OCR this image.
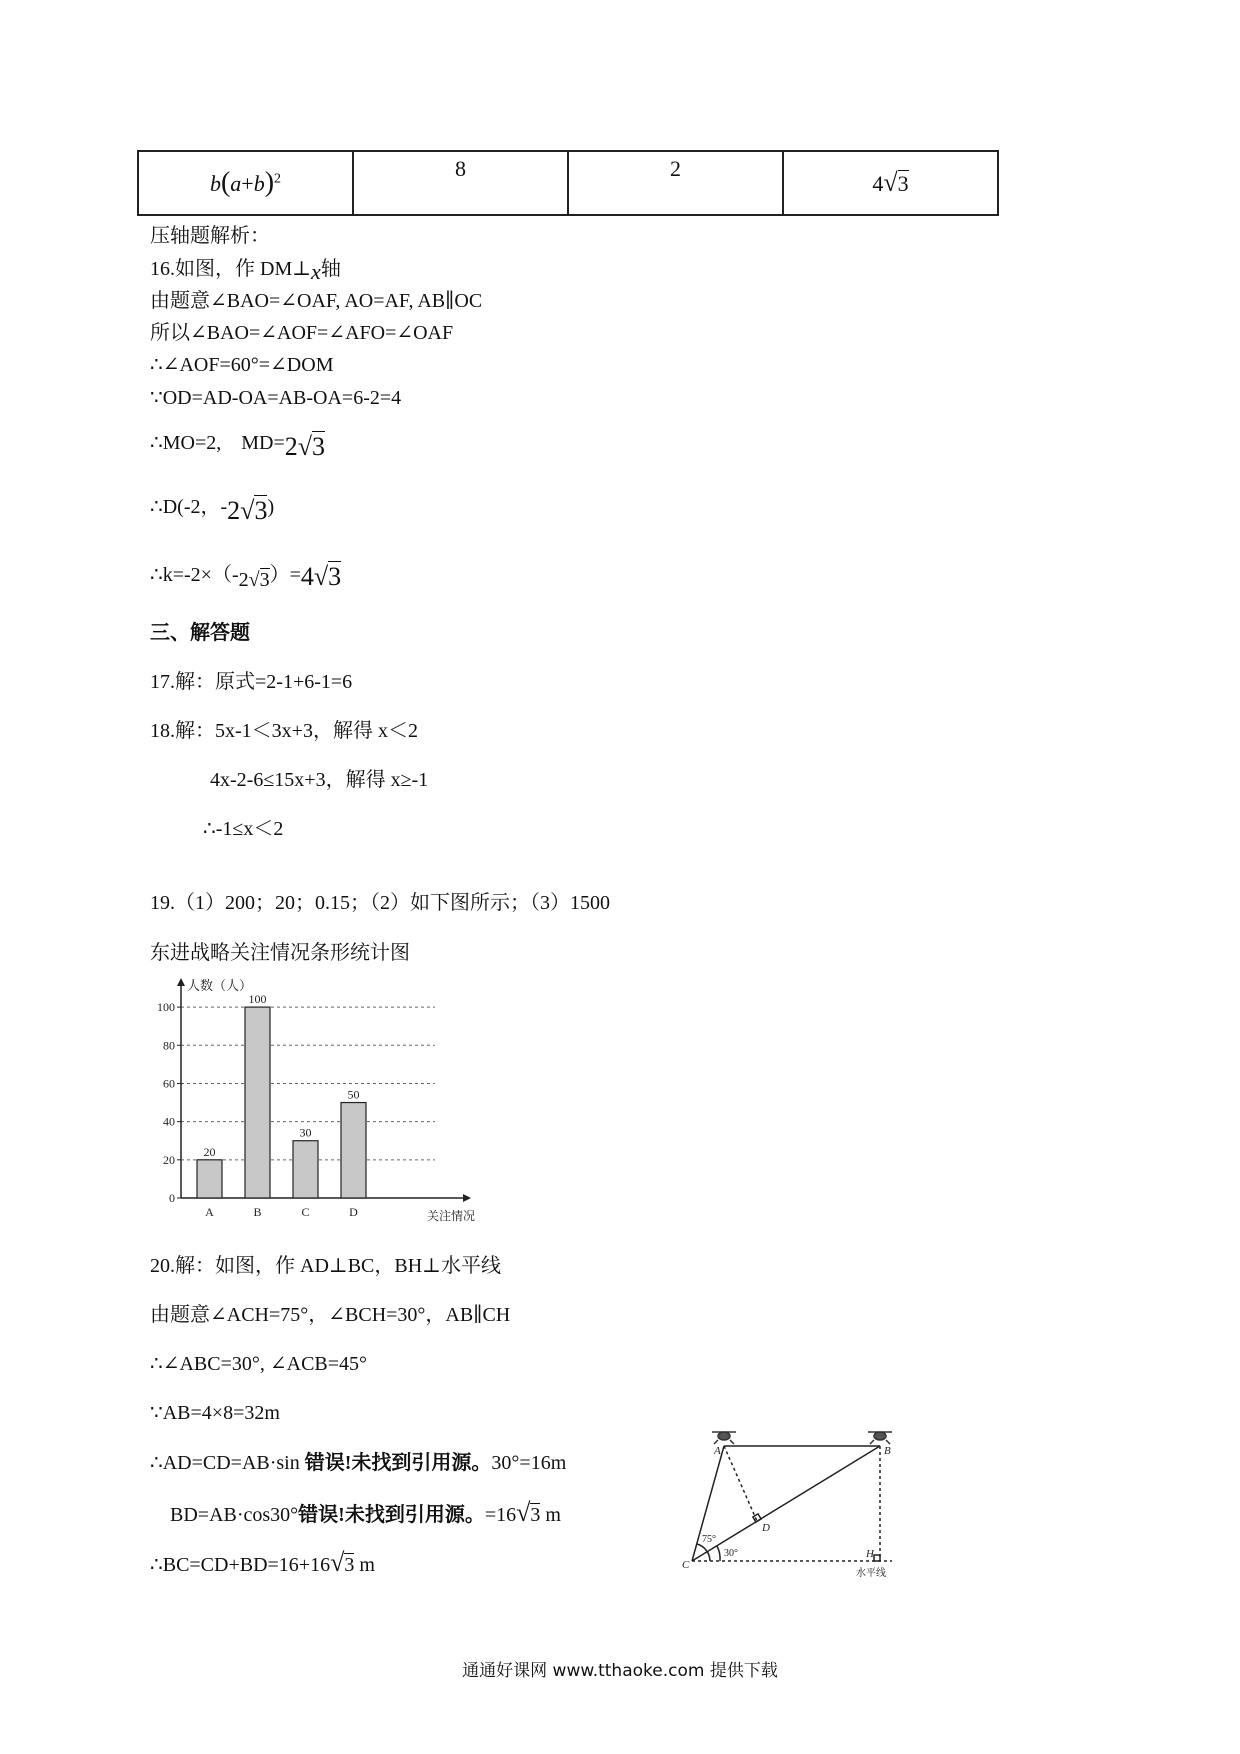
$b(a+b)^2$	8	2	4√3
压轴题解析：
16.如图，作 DM⊥x轴
由题意∠BAO=∠OAF, AO=AF, AB∥OC
所以∠BAO=∠AOF=∠AFO=∠OAF
∴∠AOF=60°=∠DOM
∵OD=AD-OA=AB-OA=6-2=4
∴MO=2,　MD=2√3
∴D(-2，-2√3)
∴k=-2×（-2√3）=4√3
三、解答题
17.解：原式=2-1+6-1=6
18.解：5x-1＜3x+3，解得 x＜2
4x-2-6≤15x+3，解得 x≥-1
∴-1≤x＜2
19.（1）200；20；0.15；（2）如下图所示；（3）1500
东进战略关注情况条形统计图
0
20
40
60
80
100
人数（人）
关注情况
20
A
100
B
30
C
50
D
20.解：如图，作 AD⊥BC，BH⊥水平线
由题意∠ACH=75°，∠BCH=30°，AB∥CH
∴∠ABC=30°, ∠ACB=45°
∵AB=4×8=32m
∴AD=CD=AB·sin 错误!未找到引用源。30°=16m
BD=AB·cos30°错误!未找到引用源。=16√3 m
∴BC=CD+BD=16+16√3 m
A	B
C
D
H
75°
30°
水平线
通通好课网 www.tthaoke.com 提供下载
